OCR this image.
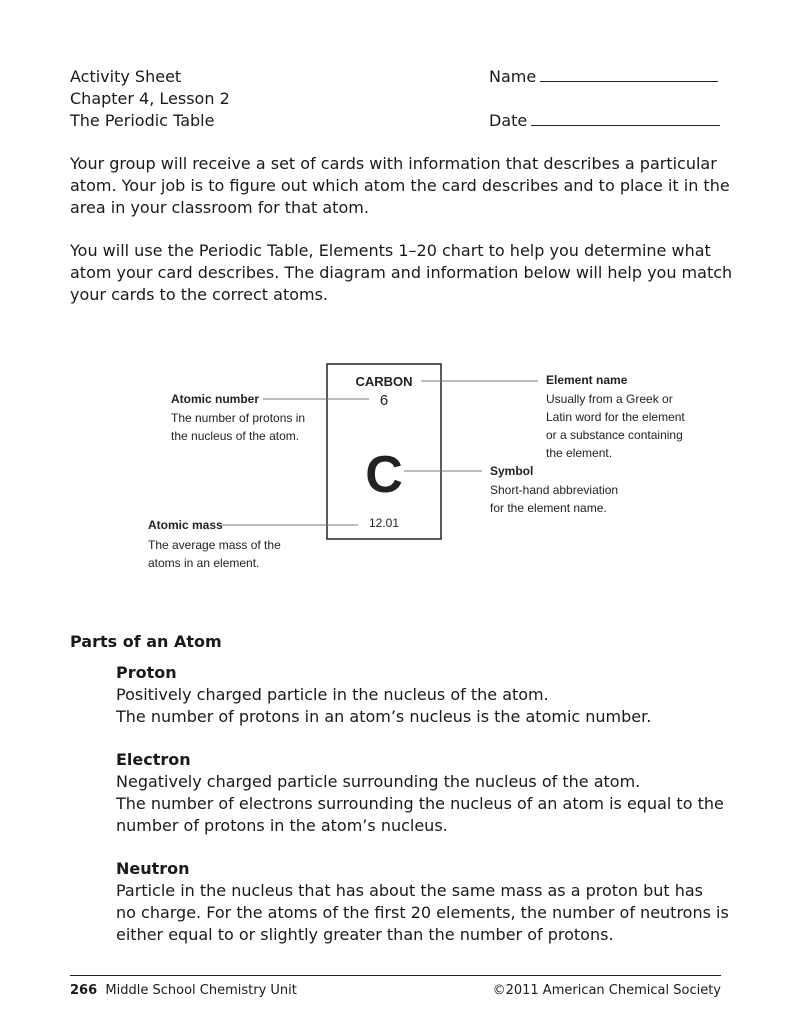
Activity Sheet

Chapter 4, Lesson 2

The Periodic Table

Name

Date

Your group will receive a set of cards with information that describes a particular
atom. Your job is to figure out which atom the card describes and to place it in the
area in your classroom for that atom.
You will use the Periodic Table, Elements 1–20 chart to help you determine what
atom your card describes. The diagram and information below will help you match
your cards to the correct atoms.
CARBON
6
C
12.01
Atomic number
The number of protons in
the nucleus of the atom.
Atomic mass
The average mass of the
atoms in an element.
Element name
Usually from a Greek or
Latin word for the element
or a substance containing
the element.
Symbol
Short-hand abbreviation
for the element name.

Parts of an Atom

Proton
Positively charged particle in the nucleus of the atom.
The number of protons in an atom’s nucleus is the atomic number.
Electron
Negatively charged particle surrounding the nucleus of the atom.
The number of electrons surrounding the nucleus of an atom is equal to the
number of protons in the atom’s nucleus.
Neutron
Particle in the nucleus that has about the same mass as a proton but has
no charge. For the atoms of the first 20 elements, the number of neutrons is
either equal to or slightly greater than the number of protons.
266 Middle School Chemistry Unit	©2011 American Chemical Society
